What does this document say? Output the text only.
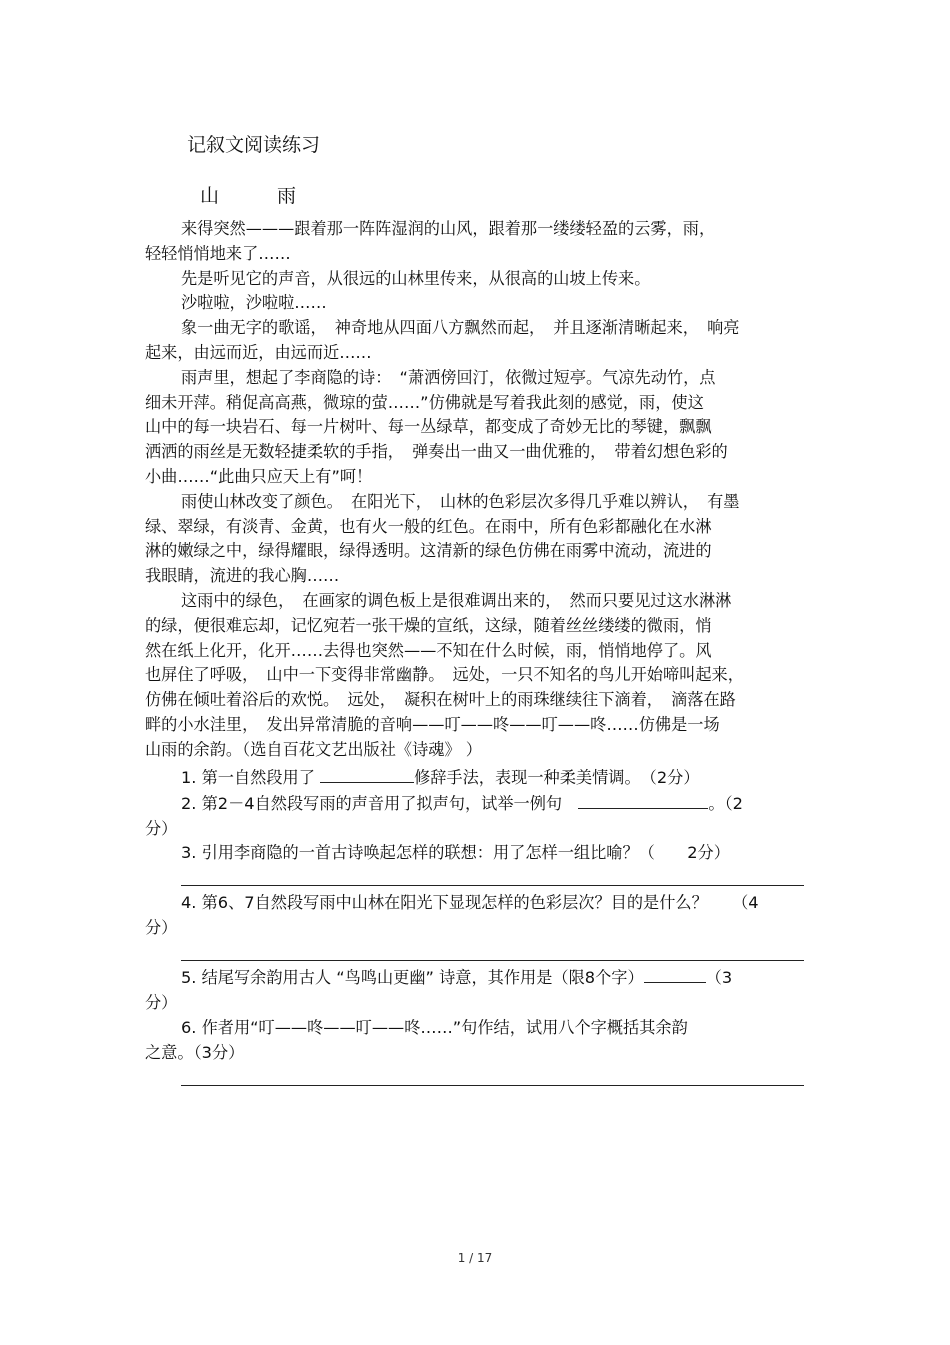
记叙文阅读练习
山	雨
来得突然———跟着那一阵阵湿润的山风，跟着那一缕缕轻盈的云雾，雨，
轻轻悄悄地来了……
先是听见它的声音，从很远的山林里传来，从很高的山坡上传来。
沙啦啦，沙啦啦……
象一曲无字的歌谣，　神奇地从四面八方飘然而起，　并且逐渐清晰起来，　响亮
起来，由远而近，由远而近……
雨声里，想起了李商隐的诗：　“萧洒傍回汀，依微过短亭。气凉先动竹，点
细未开萍。稍促高高燕，微琼的萤……”仿佛就是写着我此刻的感觉，雨，使这
山中的每一块岩石、每一片树叶、每一丛绿草，都变成了奇妙无比的琴键，飘飘
洒洒的雨丝是无数轻捷柔软的手指，　弹奏出一曲又一曲优雅的，　带着幻想色彩的
小曲……“此曲只应天上有”呵！
雨使山林改变了颜色。　在阳光下，　山林的色彩层次多得几乎难以辨认，　有墨
绿、翠绿，有淡青、金黄，也有火一般的红色。在雨中，所有色彩都融化在水淋
淋的嫩绿之中，绿得耀眼，绿得透明。这清新的绿色仿佛在雨雾中流动，流进的
我眼睛，流进的我心胸……
这雨中的绿色，　在画家的调色板上是很难调出来的，　然而只要见过这水淋淋
的绿，便很难忘却，记忆宛若一张干燥的宣纸，这绿，随着丝丝缕缕的微雨，悄
然在纸上化开，化开……去得也突然——不知在什么时候，雨，悄悄地停了。风
也屏住了呼吸，　山中一下变得非常幽静。　远处，一只不知名的鸟儿开始啼叫起来，
仿佛在倾吐着浴后的欢悦。　远处，　凝积在树叶上的雨珠继续往下滴着，　滴落在路
畔的小水洼里，　发出异常清脆的音响——叮——咚——叮——咚……仿佛是一场
山雨的余韵。（选自百花文艺出版社《诗魂》 ）
1. 第一自然段用了	修辞手法，表现一种柔美情调。　（2分）
2. 第2－4自然段写雨的声音用了拟声句，试举一例句　	。（2
分）
3. 引用李商隐的一首古诗唤起怎样的联想：用了怎样一组比喻？（　　2分）
4. 第6、7自然段写雨中山林在阳光下显现怎样的色彩层次？目的是什么？　　（4
分）
5. 结尾写余韵用古人 “鸟鸣山更幽” 诗意，其作用是（限8个字）	（3
分）
6. 作者用“叮——咚——叮——咚……”句作结，试用八个字概括其余韵
之意。（3分）
1 / 17
